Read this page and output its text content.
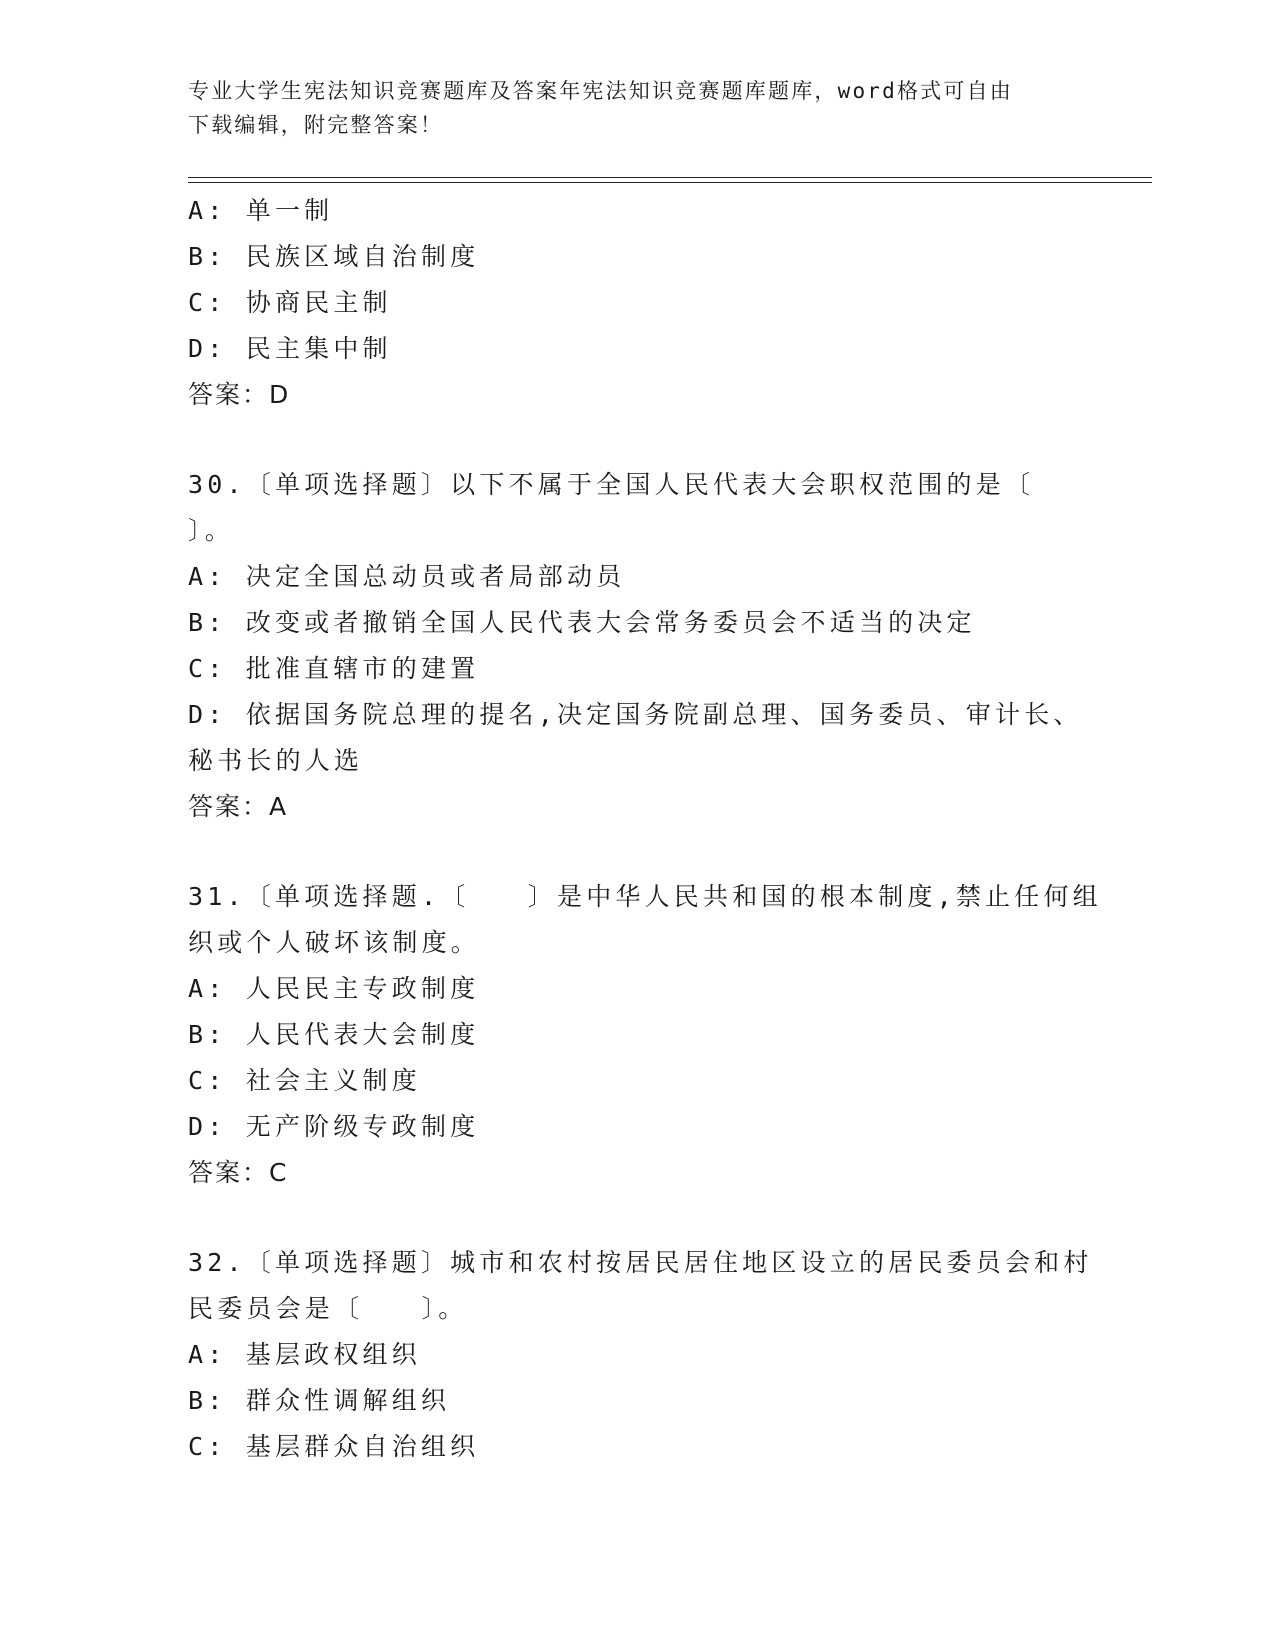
专业大学生宪法知识竞赛题库及答案年宪法知识竞赛题库题库，word格式可自由
下载编辑，附完整答案！
A: 单一制
B: 民族区域自治制度
C: 协商民主制
D: 民主集中制
答案：D
30.〔单项选择题〕以下不属于全国人民代表大会职权范围的是〔
〕。
A: 决定全国总动员或者局部动员
B: 改变或者撤销全国人民代表大会常务委员会不适当的决定
C: 批准直辖市的建置
D: 依据国务院总理的提名,决定国务院副总理、国务委员、审计长、
秘书长的人选
答案：A
31.〔单项选择题.〔　　〕是中华人民共和国的根本制度,禁止任何组
织或个人破坏该制度。
A: 人民民主专政制度
B: 人民代表大会制度
C: 社会主义制度
D: 无产阶级专政制度
答案：C
32.〔单项选择题〕城市和农村按居民居住地区设立的居民委员会和村
民委员会是〔　　〕。
A: 基层政权组织
B: 群众性调解组织
C: 基层群众自治组织
